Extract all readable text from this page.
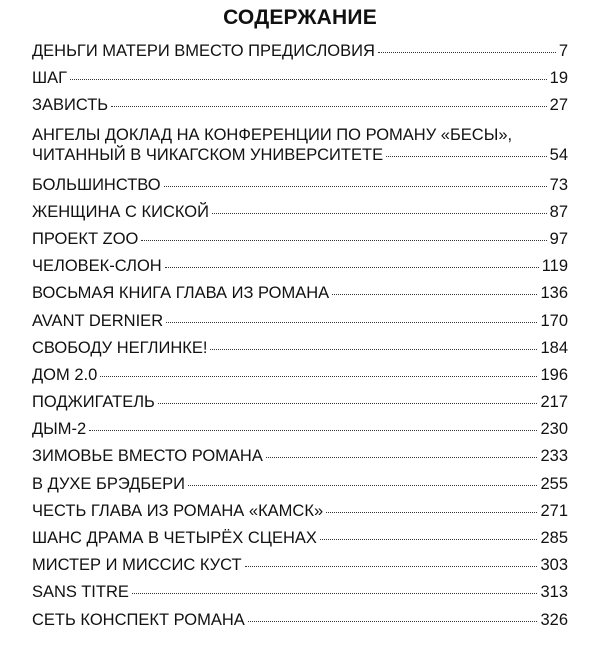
СОДЕРЖАНИЕ
ДЕНЬГИ МАТЕРИ ВМЕСТО ПРЕДИСЛОВИЯ	7
ШАГ	19
ЗАВИСТЬ	27
АНГЕЛЫ ДОКЛАД НА КОНФЕРЕНЦИИ ПО РОМАНУ «БЕСЫ»,
ЧИТАННЫЙ В ЧИКАГСКОМ УНИВЕРСИТЕТЕ	54
БОЛЬШИНСТВО	73
ЖЕНЩИНА С КИСКОЙ	87
ПРОЕКТ ZOO	97
ЧЕЛОВЕК-СЛОН	119
ВОСЬМАЯ КНИГА ГЛАВА ИЗ РОМАНА	136
AVANT DERNIER	170
СВОБОДУ НЕГЛИНКЕ!	184
ДОМ 2.0	196
ПОДЖИГАТЕЛЬ	217
ДЫМ-2	230
ЗИМОВЬЕ ВМЕСТО РОМАНА	233
В ДУХЕ БРЭДБЕРИ	255
ЧЕСТЬ ГЛАВА ИЗ РОМАНА «КАМСК»	271
ШАНС ДРАМА В ЧЕТЫРЁХ СЦЕНАХ	285
МИСТЕР И МИССИС КУСТ	303
SANS TITRE	313
СЕТЬ КОНСПЕКТ РОМАНА	326
